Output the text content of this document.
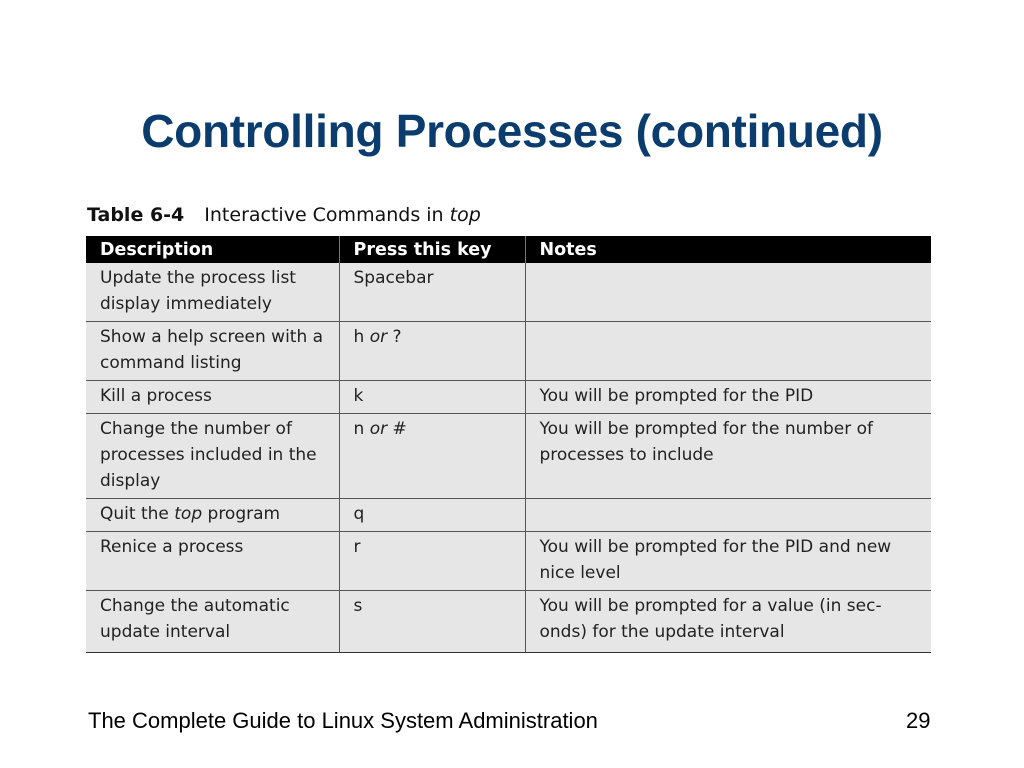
Controlling Processes (continued)
Table 6-4 Interactive Commands in top
Description	Press this key	Notes
Update the process list display immediately	Spacebar	
Show a help screen with a command listing	h or ?	
Kill a process	k	You will be prompted for the PID
Change the number of processes included in the display	n or #	You will be prompted for the number of processes to include
Quit the top program	q	
Renice a process	r	You will be prompted for the PID and new nice level
Change the automatic update interval	s	You will be prompted for a value (in sec-onds) for the update interval
The Complete Guide to Linux System Administration	29
